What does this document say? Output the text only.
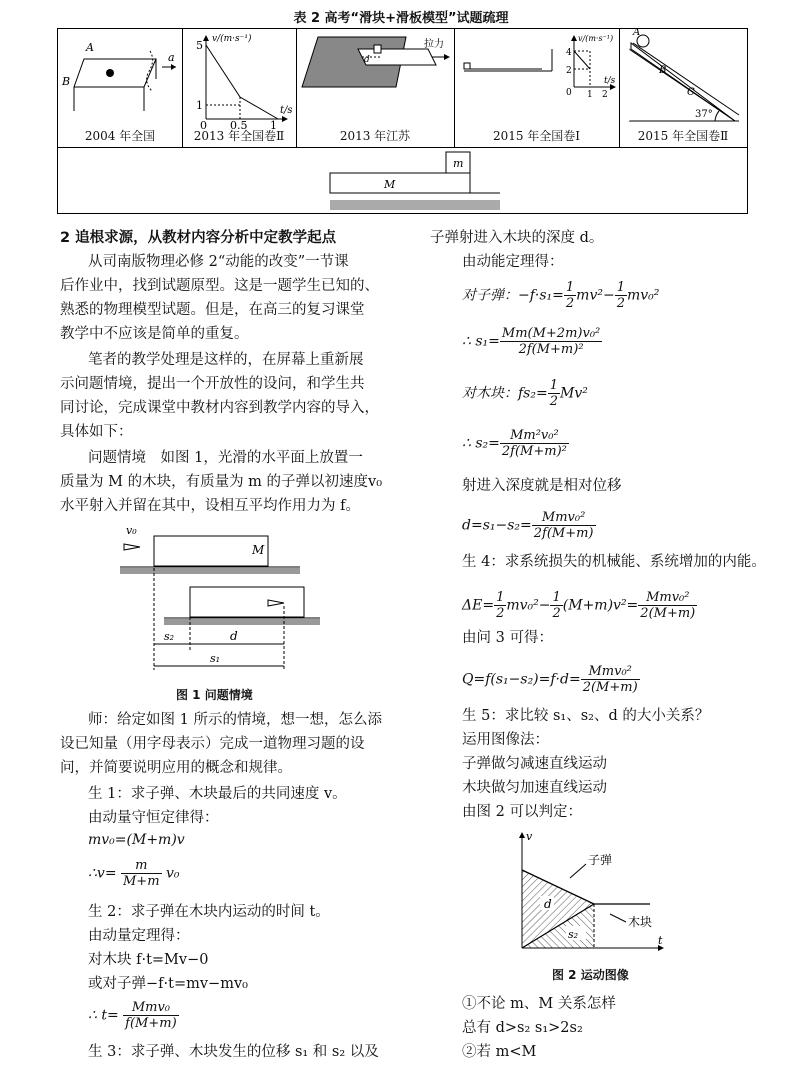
表 2 高考“滑块+滑板模型”试题疏理
A
B
a
2004 年全国
v/(m·s⁻¹)
5
1
0 0.5 1
t/s
2013 年全国卷Ⅱ
d
拉力
2013 年江苏
v/(m·s⁻¹)
4
2
0 1 2
t/s
2015 年全国卷Ⅰ
A
B
C
37°
2015 年全国卷Ⅱ
m
M
2 追根求源，从教材内容分析中定教学起点
从司南版物理必修 2“动能的改变”一节课
后作业中，找到试题原型。这是一题学生已知的、
熟悉的物理模型试题。但是，在高三的复习课堂
教学中不应该是简单的重复。
笔者的教学处理是这样的，在屏幕上重新展
示问题情境，提出一个开放性的设问，和学生共
同讨论，完成课堂中教材内容到教学内容的导入，
具体如下：
问题情境　如图 1，光滑的水平面上放置一
质量为 M 的木块，有质量为 m 的子弹以初速度v₀
水平射入并留在其中，设相互平均作用力为 f。
v₀
M
s₂	d
s₁
图 1 问题情境
师：给定如图 1 所示的情境，想一想，怎么添
设已知量（用字母表示）完成一道物理习题的设
问，并简要说明应用的概念和规律。
生 1：求子弹、木块最后的共同速度 v。
由动量守恒定律得：
mv₀=(M+m)v
∴v= $\frac{m}{M+m} v_0$
生 2：求子弹在木块内运动的时间 t。
由动量定理得：
对木块 f·t=Mv−0
或对子弹−f·t=mv−mv₀
∴ $t= \frac{\text{Mmv₀}}{f(M+m)}$
生 3：求子弹、木块发生的位移 s₁ 和 s₂ 以及
子弹射进入木块的深度 d。
由动能定理得：
对子弹：$-f\cdot s_1= \frac{1}{2} mv^2- \frac{1}{2} mv_0^2$
∴ $s_1= \frac{\text{Mm(M+2m)v₀²}}{\text{2f(M+m)²}}$
对木块：$fs_2= \frac{1}{2} Mv^2$
∴ $s_2= \frac{\text{Mm²v₀²}}{\text{2f(M+m)²}}$
射进入深度就是相对位移
$d=s_1-s_2= \frac{\text{Mmv₀²}}{2f(M+m)}$
生 4：求系统损失的机械能、系统增加的内能。
$\Delta E= \frac{1}{2} mv_0^2- \frac{1}{2} (M+m)v^2= \frac{\text{Mmv₀²}}{2(M+m)}$
由问 3 可得：
$Q=f(s_1-s_2)=f\cdot d= \frac{\text{Mmv₀²}}{2(M+m)}$
生 5：求比较 s₁、s₂、d 的大小关系？
运用图像法：
子弹做匀减速直线运动
木块做匀加速直线运动
由图 2 可以判定：
v
t
子弹
木块
d
s₂
图 2 运动图像
①不论 m、M 关系怎样
总有 d>s₂ s₁>2s₂
②若 m<M
